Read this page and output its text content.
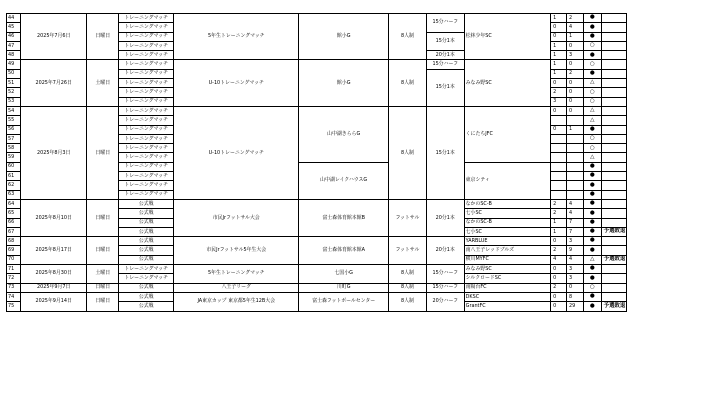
44	2025年7月6日	日曜日	トレーニングマッチ	5年生トレーニングマッチ	館小G	8人制	15分ハーフ	松林少年SC	1	2	●	
45			トレーニングマッチ						0	4	●	
46			トレーニングマッチ				15分1本		0	1	●	
47			トレーニングマッチ						1	0	○	
48			トレーニングマッチ				20分1本		1	3	●	
49	2025年7月26日	土曜日	トレーニングマッチ	U-10トレーニングマッチ	館小G	8人制	15分ハーフ	みなみ野SC	1	0	○	
50			トレーニングマッチ				15分1本		1	2	●	
51			トレーニングマッチ						0	0	△	
52			トレーニングマッチ						2	0	○	
53			トレーニングマッチ						3	0	○	
54	2025年8月3日	日曜日	トレーニングマッチ	U-10トレーニングマッチ	山中湖きららG	8人制	15分1本	くにたちJFC	0	0	△	
55			トレーニングマッチ								△	
56			トレーニングマッチ						0	1	●	
57			トレーニングマッチ								○	
58			トレーニングマッチ								○	
59			トレーニングマッチ								△	
60			トレーニングマッチ		山中湖レイクハウスG			東京シティ			●	
61			トレーニングマッチ								●	
62			トレーニングマッチ								●	
63			トレーニングマッチ								●	
64	2025年8月10日	日曜日	公式戦	市民Jrフットサル大会	富士森体育館本館B	フットサル	20分1本	なかのSC-B	2	4	●	
65			公式戦					七小SC	2	4	●	
66			公式戦					なかのSC-B	1	7	●	
67			公式戦					七小SC	1	7	●	予選敗退
68	2025年8月17日	日曜日	公式戦	市民Jrフットサル5年生大会	富士森体育館本館A	フットサル	20分1本	YARBLUE	0	3	●	
69			公式戦					南八王子レッドブルズ	2	9	●	
70			公式戦					横川MYFC	4	4	△	予選敗退
71	2025年8月30日	土曜日	トレーニングマッチ	5年生トレーニングマッチ	七国小G	8人制	15分ハーフ	みなみ野SC	0	3	●	
72			トレーニングマッチ					シルクロードSC	0	3	●	
73	2025年9月7日	日曜日	公式戦	八王子リーグ	川町G	8人制	15分ハーフ	南陽台FC	2	0	○	
74	2025年9月14日	日曜日	公式戦	JA東京カップ 東京都5年生12B大会	富士森フットボールセンター	8人制	20分ハーフ	DKSC	0	8	●	
75			公式戦					GrantFC	0	29	●	予選敗退
